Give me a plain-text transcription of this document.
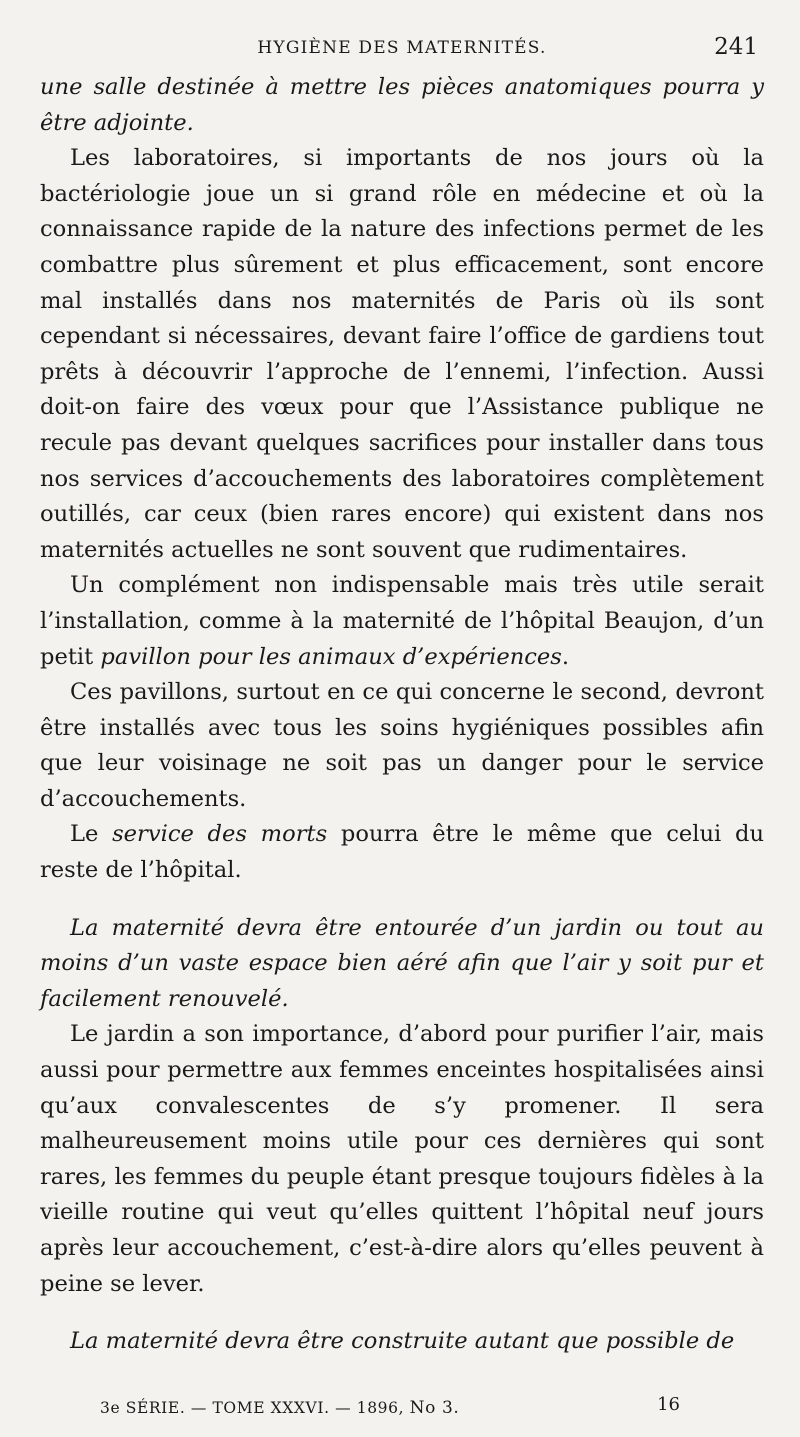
HYGIÈNE DES MATERNITÉS.	241

une salle destinée à mettre les pièces anatomiques pourra y être adjointe.

Les laboratoires, si importants de nos jours où la bactériologie joue un si grand rôle en médecine et où la connaissance rapide de la nature des infections permet de les combattre plus sûrement et plus efficacement, sont encore mal installés dans nos maternités de Paris où ils sont cependant si nécessaires, devant faire l’office de gardiens tout prêts à découvrir l’approche de l’ennemi, l’infection. Aussi doit-on faire des vœux pour que l’Assistance publique ne recule pas devant quelques sacrifices pour installer dans tous nos services d’accouchements des laboratoires complètement outillés, car ceux (bien rares encore) qui existent dans nos maternités actuelles ne sont souvent que rudimentaires.

Un complément non indispensable mais très utile serait l’installation, comme à la maternité de l’hôpital Beaujon, d’un petit pavillon pour les animaux d’expériences.

Ces pavillons, surtout en ce qui concerne le second, devront être installés avec tous les soins hygiéniques possibles afin que leur voisinage ne soit pas un danger pour le service d’accouchements.

Le service des morts pourra être le même que celui du reste de l’hôpital.

La maternité devra être entourée d’un jardin ou tout au moins d’un vaste espace bien aéré afin que l’air y soit pur et facilement renouvelé.

Le jardin a son importance, d’abord pour purifier l’air, mais aussi pour permettre aux femmes enceintes hospitalisées ainsi qu’aux convalescentes de s’y promener. Il sera malheureusement moins utile pour ces dernières qui sont rares, les femmes du peuple étant presque toujours fidèles à la vieille routine qui veut qu’elles quittent l’hôpital neuf jours après leur accouchement, c’est-à-dire alors qu’elles peuvent à peine se lever.

La maternité devra être construite autant que possible de

3e SÉRIE. — TOME XXXVI. — 1896, No 3.	16
